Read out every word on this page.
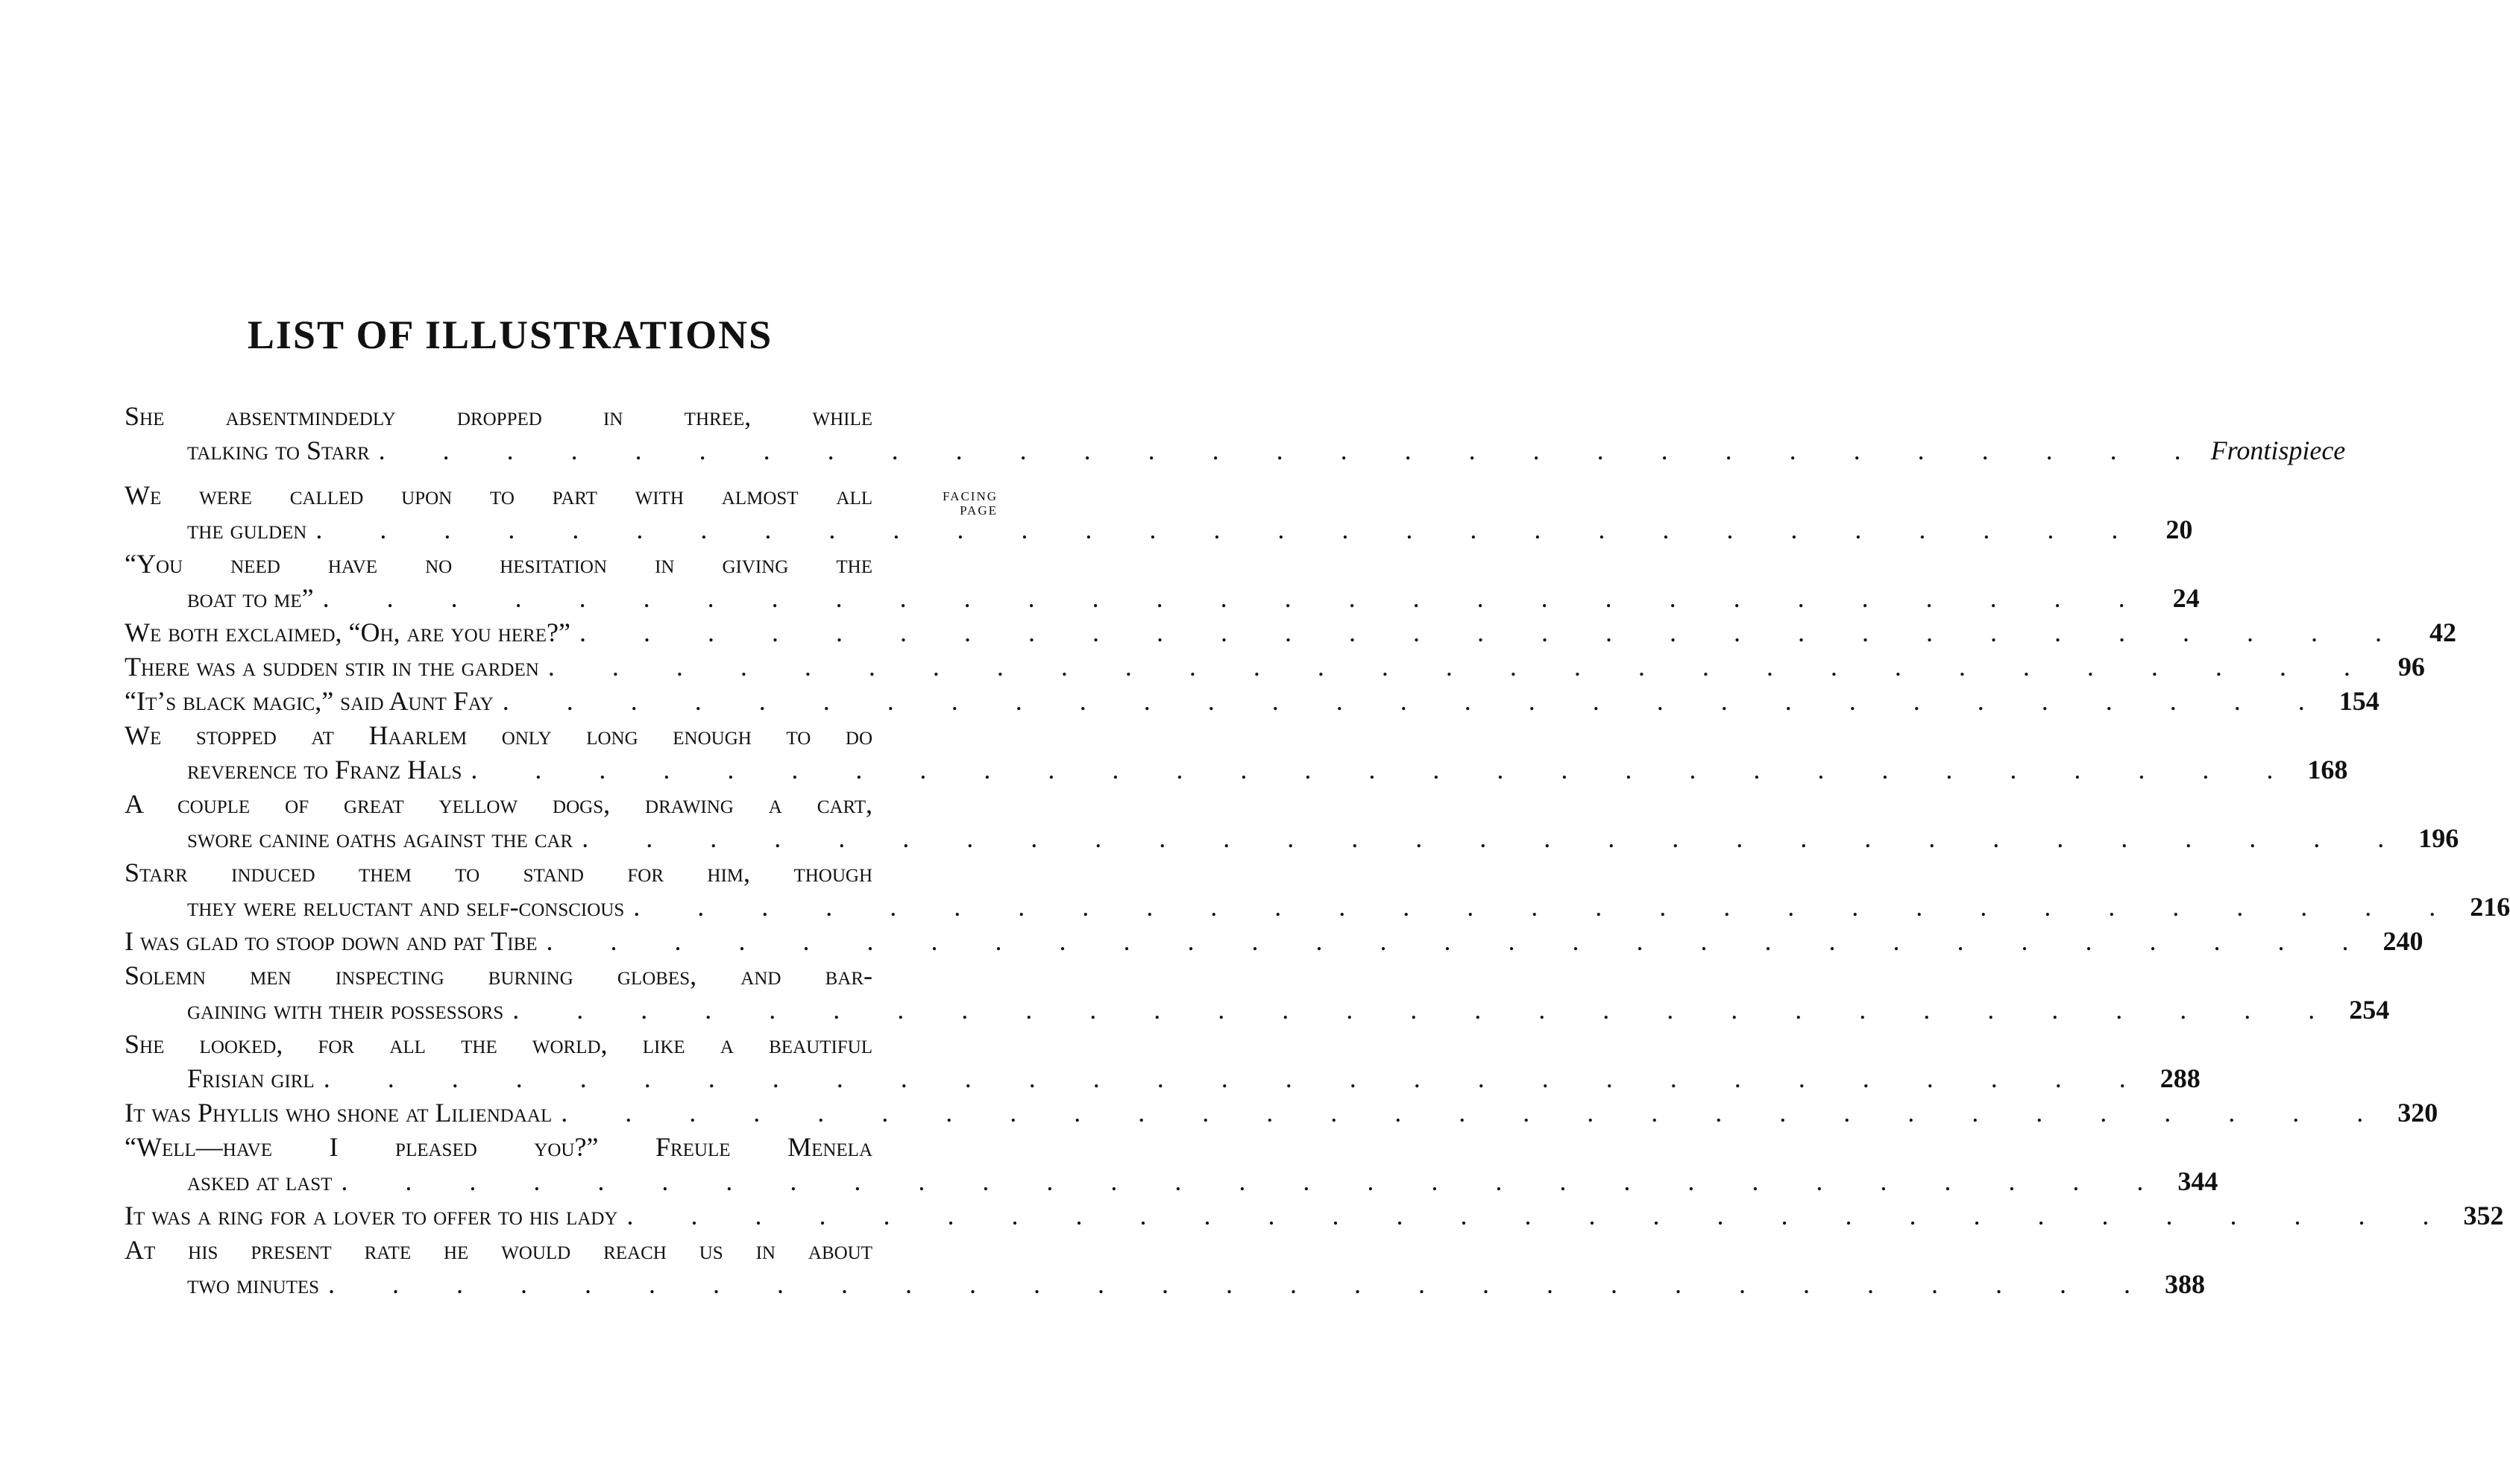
LIST OF ILLUSTRATIONS
FACING
PAGE
She absentmindedly dropped in three, while
talking to Starr . . . . . . . . . . . . . . . . . . . . . . . . . . . . . Frontispiece
We were called upon to part with almost all
the gulden . . . . . . . . . . . . . . . . . . . . . . . . . . . . . 20
“You need have no hesitation in giving the
boat to me” . . . . . . . . . . . . . . . . . . . . . . . . . . . . . 24
We both exclaimed, “Oh, are you here?” . . . . . . . . . . . . . . . . . . . . . . . . . . . . . 42
There was a sudden stir in the garden . . . . . . . . . . . . . . . . . . . . . . . . . . . . . 96
“It’s black magic,” said Aunt Fay . . . . . . . . . . . . . . . . . . . . . . . . . . . . . 154
We stopped at Haarlem only long enough to do
reverence to Franz Hals . . . . . . . . . . . . . . . . . . . . . . . . . . . . . 168
A couple of great yellow dogs, drawing a cart,
swore canine oaths against the car . . . . . . . . . . . . . . . . . . . . . . . . . . . . . 196
Starr induced them to stand for him, though
they were reluctant and self-conscious . . . . . . . . . . . . . . . . . . . . . . . . . . . . . 216
I was glad to stoop down and pat Tibe . . . . . . . . . . . . . . . . . . . . . . . . . . . . . 240
Solemn men inspecting burning globes, and bar-
gaining with their possessors . . . . . . . . . . . . . . . . . . . . . . . . . . . . . 254
She looked, for all the world, like a beautiful
Frisian girl . . . . . . . . . . . . . . . . . . . . . . . . . . . . . 288
It was Phyllis who shone at Liliendaal . . . . . . . . . . . . . . . . . . . . . . . . . . . . . 320
“Well—have I pleased you?” Freule Menela
asked at last . . . . . . . . . . . . . . . . . . . . . . . . . . . . . 344
It was a ring for a lover to offer to his lady . . . . . . . . . . . . . . . . . . . . . . . . . . . . . 352
At his present rate he would reach us in about
two minutes . . . . . . . . . . . . . . . . . . . . . . . . . . . . . 388
